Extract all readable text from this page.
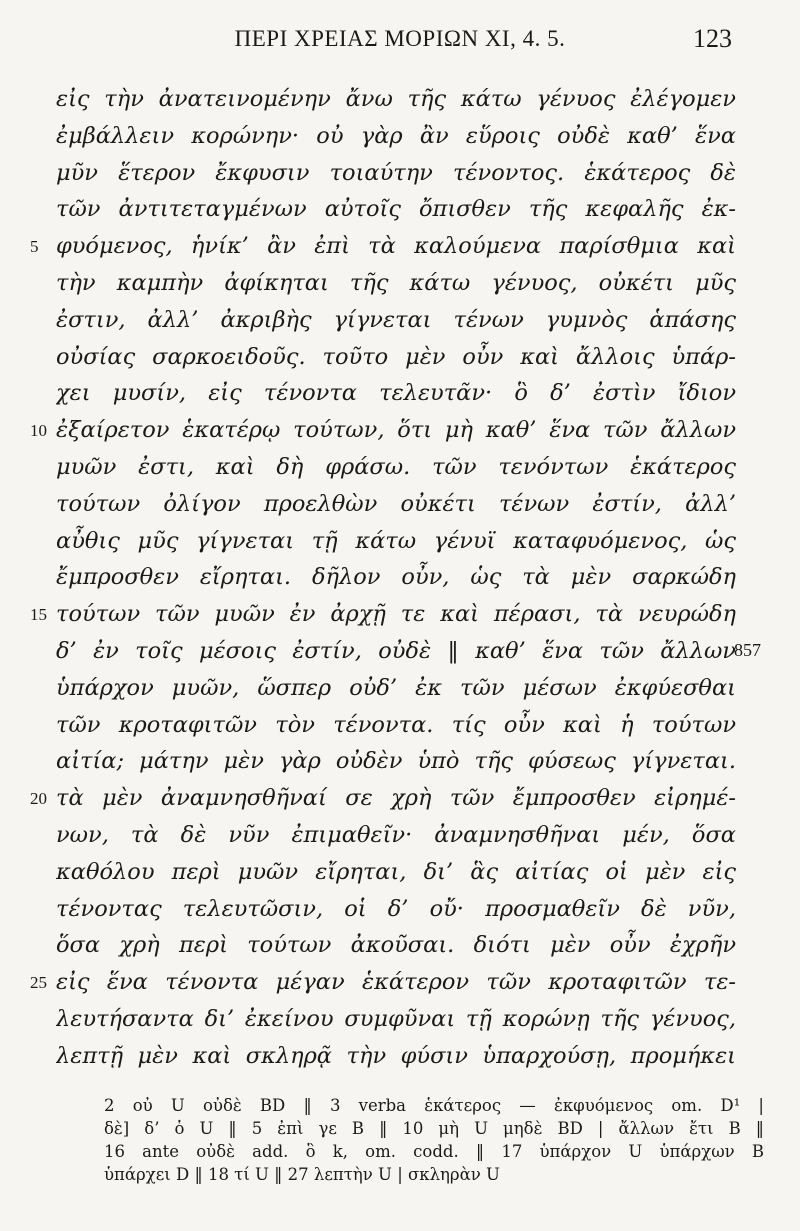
ΠΕΡΙ ΧΡΕΙΑΣ ΜΟΡΙΩΝ XI, 4. 5.	123
εἰς τὴν ἀνατεινομένην ἄνω τῆς κάτω γένυος ἐλέγομεν
ἐμβάλλειν κορώνην· οὐ γὰρ ἂν εὕροις οὐδὲ καθ’ ἕνα
μῦν ἕτερον ἔκφυσιν τοιαύτην τένοντος. ἑκάτερος δὲ
τῶν ἀντιτεταγμένων αὐτοῖς ὄπισθεν τῆς κεφαλῆς ἐκ-
5 φυόμενος, ἡνίκ’ ἂν ἐπὶ τὰ καλούμενα παρίσθμια καὶ
τὴν καμπὴν ἀφίκηται τῆς κάτω γένυος, οὐκέτι μῦς
ἐστιν, ἀλλ’ ἀκριβὴς γίγνεται τένων γυμνὸς ἁπάσης
οὐσίας σαρκοειδοῦς. τοῦτο μὲν οὖν καὶ ἄλλοις ὑπάρ-
χει μυσίν, εἰς τένοντα τελευτᾶν· ὃ δ’ ἐστὶν ἴδιον
10 ἐξαίρετον ἑκατέρῳ τούτων, ὅτι μὴ καθ’ ἕνα τῶν ἄλλων
μυῶν ἐστι, καὶ δὴ φράσω. τῶν τενόντων ἑκάτερος
τούτων ὀλίγον προελθὼν οὐκέτι τένων ἐστίν, ἀλλ’
αὖθις μῦς γίγνεται τῇ κάτω γένυϊ καταφυόμενος, ὡς
ἔμπροσθεν εἴρηται. δῆλον οὖν, ὡς τὰ μὲν σαρκώδη
15 τούτων τῶν μυῶν ἐν ἀρχῇ τε καὶ πέρασι, τὰ νευρώδη
δ’ ἐν τοῖς μέσοις ἐστίν, οὐδὲ ‖ καθ’ ἕνα τῶν ἄλλων
857
ὑπάρχον μυῶν, ὥσπερ οὐδ’ ἐκ τῶν μέσων ἐκφύεσθαι
τῶν κροταφιτῶν τὸν τένοντα. τίς οὖν καὶ ἡ τούτων
αἰτία; μάτην μὲν γὰρ οὐδὲν ὑπὸ τῆς φύσεως γίγνεται.
20 τὰ μὲν ἀναμνησθῆναί σε χρὴ τῶν ἔμπροσθεν εἰρημέ-
νων, τὰ δὲ νῦν ἐπιμαθεῖν· ἀναμνησθῆναι μέν, ὅσα
καθόλου περὶ μυῶν εἴρηται, δι’ ἃς αἰτίας οἱ μὲν εἰς
τένοντας τελευτῶσιν, οἱ δ’ οὔ· προσμαθεῖν δὲ νῦν,
ὅσα χρὴ περὶ τούτων ἀκοῦσαι. διότι μὲν οὖν ἐχρῆν
25 εἰς ἕνα τένοντα μέγαν ἑκάτερον τῶν κροταφιτῶν τε-
λευτήσαντα δι’ ἐκείνου συμφῦναι τῇ κορώνῃ τῆς γένυος,
λεπτῇ μὲν καὶ σκληρᾷ τὴν φύσιν ὑπαρχούσῃ, προμήκει
2 οὐ U οὐδὲ BD ‖ 3 verba ἑκάτερος — ἐκφυόμενος om. D¹ |
δὲ] δ’ ὁ U ‖ 5 ἐπὶ γε B ‖ 10 μὴ U μηδὲ BD | ἄλλων ἔτι B ‖
16 ante οὐδὲ add. ὃ k, om. codd. ‖ 17 ὑπάρχον U ὑπάρχων B
ὑπάρχει D ‖ 18 τί U ‖ 27 λεπτὴν U | σκληρὰν U
